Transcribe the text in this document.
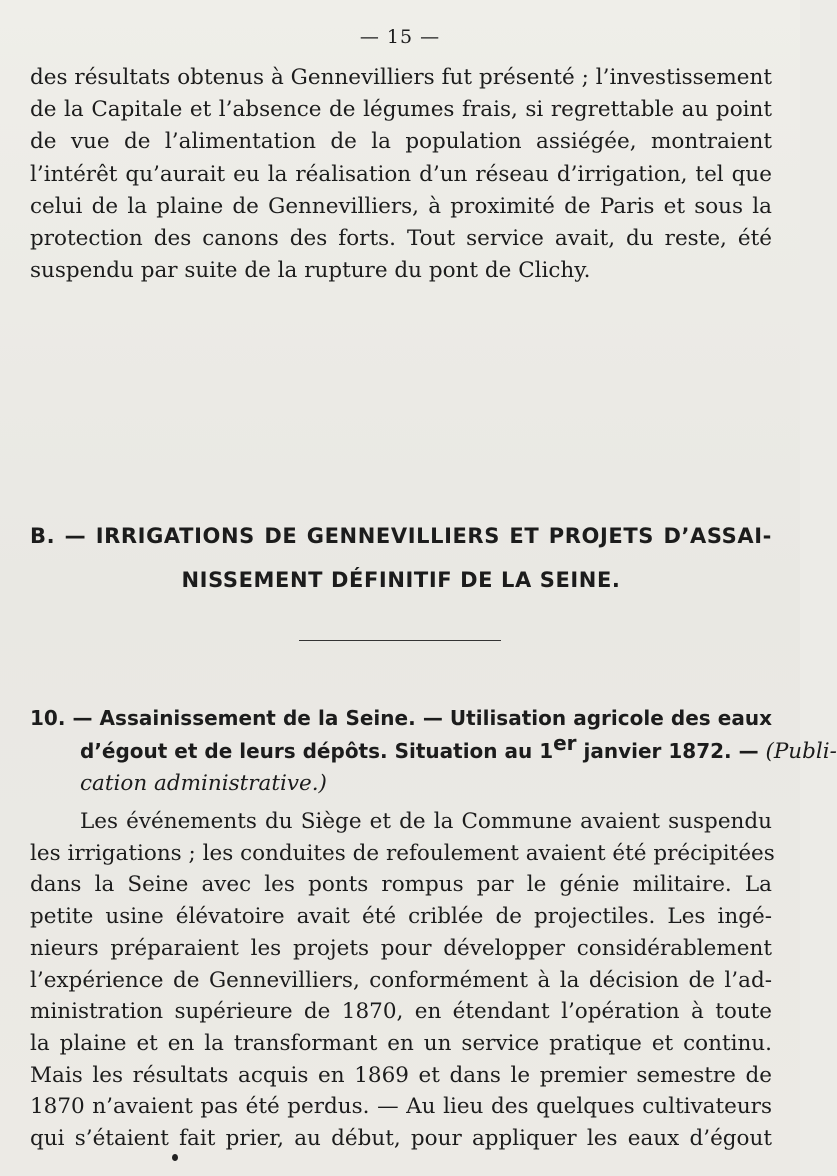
— 15 —
des résultats obtenus à Gennevilliers fut présenté ; l’investissement
de la Capitale et l’absence de légumes frais, si regrettable au point
de vue de l’alimentation de la population assiégée, montraient
l’intérêt qu’aurait eu la réalisation d’un réseau d’irrigation, tel que
celui de la plaine de Gennevilliers, à proximité de Paris et sous la
protection des canons des forts. Tout service avait, du reste, été
suspendu par suite de la rupture du pont de Clichy.
B. — IRRIGATIONS DE GENNEVILLIERS ET PROJETS D’ASSAI-
NISSEMENT DÉFINITIF DE LA SEINE.
10. — Assainissement de la Seine. — Utilisation agricole des eaux
d’égout et de leurs dépôts. Situation au 1er janvier 1872. — (Publi-
cation administrative.)
Les événements du Siège et de la Commune avaient suspendu
les irrigations ; les conduites de refoulement avaient été précipitées
dans la Seine avec les ponts rompus par le génie militaire. La
petite usine élévatoire avait été criblée de projectiles. Les ingé-
nieurs préparaient les projets pour développer considérablement
l’expérience de Gennevilliers, conformément à la décision de l’ad-
ministration supérieure de 1870, en étendant l’opération à toute
la plaine et en la transformant en un service pratique et continu.
Mais les résultats acquis en 1869 et dans le premier semestre de
1870 n’avaient pas été perdus. — Au lieu des quelques cultivateurs
qui s’étaient fait prier, au début, pour appliquer les eaux d’égout
